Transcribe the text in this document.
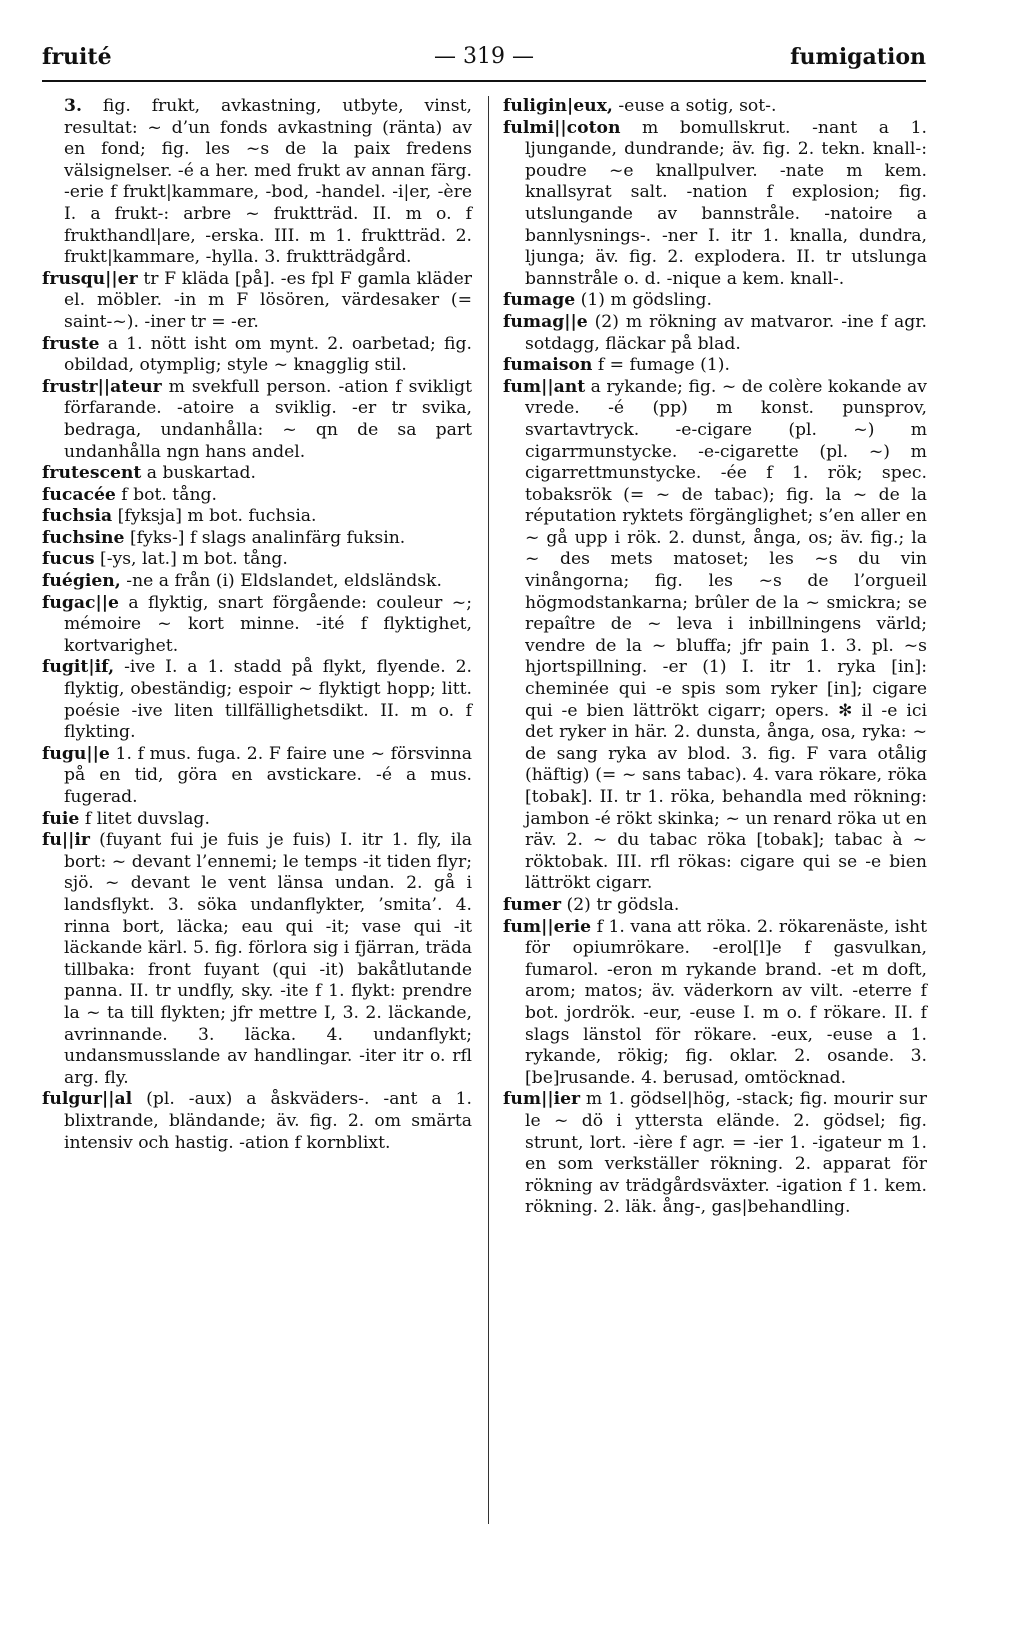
fruité	— 319 —	fumigation

3. fig. frukt, avkastning, utbyte, vinst, resultat: ~ d’un fonds avkastning (ränta) av en fond; fig. les ~s de la paix fredens välsignelser. -é a her. med frukt av annan färg. -erie f frukt|kammare, -bod, -handel. -i|er, -ère I. a frukt-: arbre ~ fruktträd. II. m o. f frukthandl|are, -erska. III. m 1. fruktträd. 2. frukt|kammare, -hylla. 3. fruktträdgård.

frusqu||er tr F kläda [på]. -es fpl F gamla kläder el. möbler. -in m F lösören, värdesaker (= saint-~). -iner tr = -er.

fruste a 1. nött isht om mynt. 2. oarbetad; fig. obildad, otymplig; style ~ knagglig stil.

frustr||ateur m svekfull person. -ation f svikligt förfarande. -atoire a sviklig. -er tr svika, bedraga, undanhålla: ~ qn de sa part undanhålla ngn hans andel.

frutescent a buskartad.

fucacée f bot. tång.

fuchsia [fyksja] m bot. fuchsia.

fuchsine [fyks-] f slags analinfärg fuksin.

fucus [-ys, lat.] m bot. tång.

fuégien, -ne a från (i) Eldslandet, eldsländsk.

fugac||e a flyktig, snart förgående: couleur ~; mémoire ~ kort minne. -ité f flyktighet, kortvarighet.

fugit|if, -ive I. a 1. stadd på flykt, flyende. 2. flyktig, obeständig; espoir ~ flyktigt hopp; litt. poésie -ive liten tillfällighetsdikt. II. m o. f flykting.

fugu||e 1. f mus. fuga. 2. F faire une ~ försvinna på en tid, göra en avstickare. -é a mus. fugerad.

fuie f litet duvslag.

fu||ir (fuyant fui je fuis je fuis) I. itr 1. fly, ila bort: ~ devant l’ennemi; le temps -it tiden flyr; sjö. ~ devant le vent länsa undan. 2. gå i landsflykt. 3. söka undanflykter, ’smita’. 4. rinna bort, läcka; eau qui -it; vase qui -it läckande kärl. 5. fig. förlora sig i fjärran, träda tillbaka: front fuyant (qui -it) bakåtlutande panna. II. tr undfly, sky. -ite f 1. flykt: prendre la ~ ta till flykten; jfr mettre I, 3. 2. läckande, avrinnande. 3. läcka. 4. undanflykt; undansmusslande av handlingar. -iter itr o. rfl arg. fly.

fulgur||al (pl. -aux) a åskväders-. -ant a 1. blixtrande, bländande; äv. fig. 2. om smärta intensiv och hastig. -ation f kornblixt.

fuligin|eux, -euse a sotig, sot-.

fulmi||coton m bomullskrut. -nant a 1. ljungande, dundrande; äv. fig. 2. tekn. knall-: poudre ~e knallpulver. -nate m kem. knallsyrat salt. -nation f explosion; fig. utslungande av bannstråle. -natoire a bannlysnings-. -ner I. itr 1. knalla, dundra, ljunga; äv. fig. 2. explodera. II. tr utslunga bannstråle o. d. -nique a kem. knall-.

fumage (1) m gödsling.

fumag||e (2) m rökning av matvaror. -ine f agr. sotdagg, fläckar på blad.

fumaison f = fumage (1).

fum||ant a rykande; fig. ~ de colère kokande av vrede. -é (pp) m konst. punsprov, svartavtryck. -e-cigare (pl. ~) m cigarrmunstycke. -e-cigarette (pl. ~) m cigarrettmunstycke. -ée f 1. rök; spec. tobaksrök (= ~ de tabac); fig. la ~ de la réputation ryktets förgänglighet; s’en aller en ~ gå upp i rök. 2. dunst, ånga, os; äv. fig.; la ~ des mets matoset; les ~s du vin vinångorna; fig. les ~s de l’orgueil högmodstankarna; brûler de la ~ smickra; se repaître de ~ leva i inbillningens värld; vendre de la ~ bluffa; jfr pain 1. 3. pl. ~s hjortspillning. -er (1) I. itr 1. ryka [in]: cheminée qui -e spis som ryker [in]; cigare qui -e bien lättrökt cigarr; opers. ✻ il -e ici det ryker in här. 2. dunsta, ånga, osa, ryka: ~ de sang ryka av blod. 3. fig. F vara otålig (häftig) (= ~ sans tabac). 4. vara rökare, röka [tobak]. II. tr 1. röka, behandla med rökning: jambon -é rökt skinka; ~ un renard röka ut en räv. 2. ~ du tabac röka [tobak]; tabac à ~ röktobak. III. rfl rökas: cigare qui se -e bien lättrökt cigarr.

fumer (2) tr gödsla.

fum||erie f 1. vana att röka. 2. rökarenäste, isht för opiumrökare. -erol[l]e f gasvulkan, fumarol. -eron m rykande brand. -et m doft, arom; matos; äv. väderkorn av vilt. -eterre f bot. jordrök. -eur, -euse I. m o. f rökare. II. f slags länstol för rökare. -eux, -euse a 1. rykande, rökig; fig. oklar. 2. osande. 3. [be]rusande. 4. berusad, omtöcknad.

fum||ier m 1. gödsel|hög, -stack; fig. mourir sur le ~ dö i yttersta elände. 2. gödsel; fig. strunt, lort. -ière f agr. = -ier 1. -igateur m 1. en som verkställer rökning. 2. apparat för rökning av trädgårdsväxter. -igation f 1. kem. rökning. 2. läk. ång-, gas|behandling.
